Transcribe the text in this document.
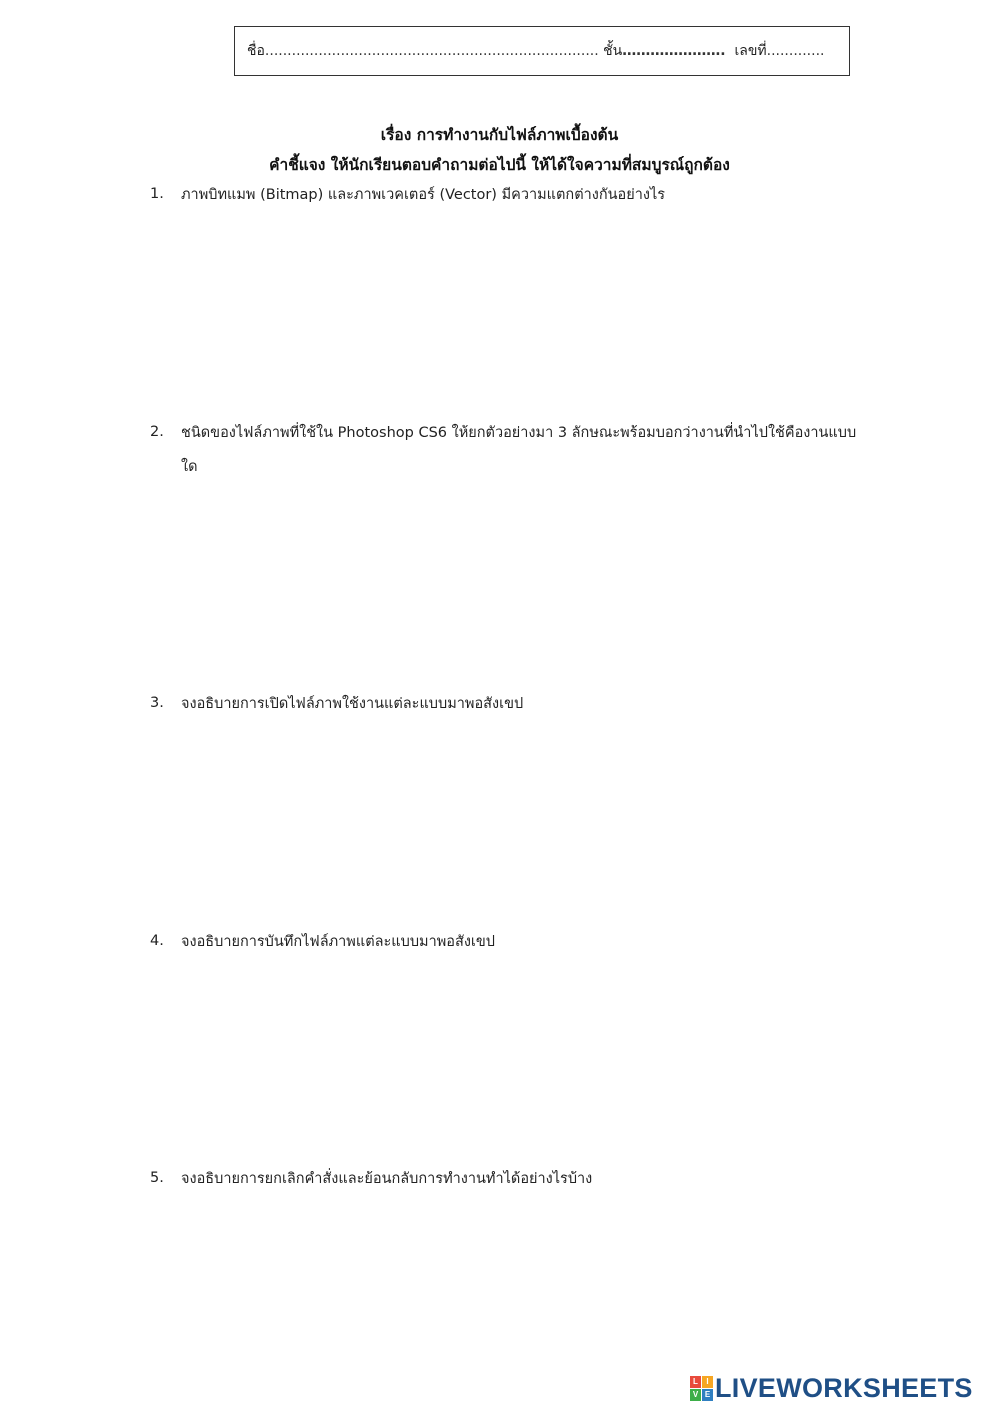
ชื่อ........................................................................... ชั้น…………………. เลขที่.............
เรื่อง การทำงานกับไฟล์ภาพเบื้องต้น
คำชี้แจง ให้นักเรียนตอบคำถามต่อไปนี้ ให้ได้ใจความที่สมบูรณ์ถูกต้อง
1. ภาพบิทแมพ (Bitmap) และภาพเวคเตอร์ (Vector) มีความแตกต่างกันอย่างไร
2. ชนิดของไฟล์ภาพที่ใช้ใน Photoshop CS6 ให้ยกตัวอย่างมา 3 ลักษณะพร้อมบอกว่างานที่นำไปใช้คืองานแบบใด
3. จงอธิบายการเปิดไฟล์ภาพใช้งานแต่ละแบบมาพอสังเขป
4. จงอธิบายการบันทึกไฟล์ภาพแต่ละแบบมาพอสังเขป
5. จงอธิบายการยกเลิกคำสั่งและย้อนกลับการทำงานทำได้อย่างไรบ้าง
L	I
V E LIVEWORKSHEETS
